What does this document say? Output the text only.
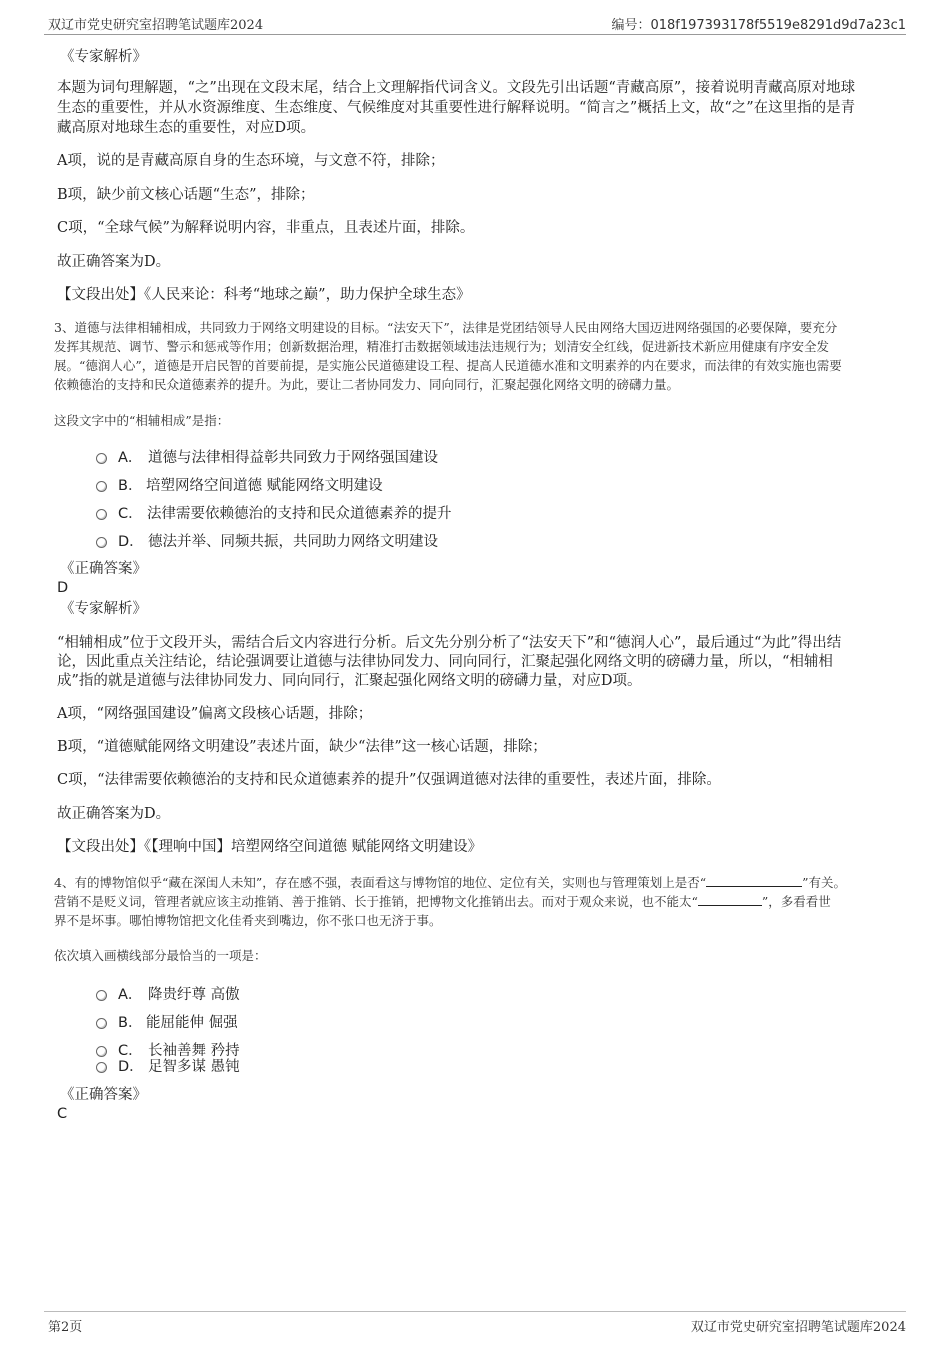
双辽市党史研究室招聘笔试题库2024	编号：018f197393178f5519e8291d9d7a23c1
《专家解析》
本题为词句理解题，“之”出现在文段末尾，结合上文理解指代词含义。文段先引出话题“青藏高原”，接着说明青藏高原对地球
生态的重要性，并从水资源维度、生态维度、气候维度对其重要性进行解释说明。“简言之”概括上文，故“之”在这里指的是青
藏高原对地球生态的重要性，对应D项。
A项，说的是青藏高原自身的生态环境，与文意不符，排除；
B项，缺少前文核心话题“生态”，排除；
C项，“全球气候”为解释说明内容，非重点，且表述片面，排除。
故正确答案为D。
【文段出处】《人民来论：科考“地球之巅”，助力保护全球生态》
3、道德与法律相辅相成，共同致力于网络文明建设的目标。“法安天下”，法律是党团结领导人民由网络大国迈进网络强国的必要保障，要充分
发挥其规范、调节、警示和惩戒等作用；创新数据治理，精准打击数据领域违法违规行为；划清安全红线，促进新技术新应用健康有序安全发
展。“德润人心”，道德是开启民智的首要前提，是实施公民道德建设工程、提高人民道德水准和文明素养的内在要求，而法律的有效实施也需要
依赖德治的支持和民众道德素养的提升。为此，要让二者协同发力、同向同行，汇聚起强化网络文明的磅礴力量。
这段文字中的“相辅相成”是指：
A． 道德与法律相得益彰共同致力于网络强国建设
B． 培塑网络空间道德 赋能网络文明建设
C． 法律需要依赖德治的支持和民众道德素养的提升
D． 德法并举、同频共振，共同助力网络文明建设
《正确答案》
D
《专家解析》
“相辅相成”位于文段开头，需结合后文内容进行分析。后文先分别分析了“法安天下”和“德润人心”，最后通过“为此”得出结
论，因此重点关注结论，结论强调要让道德与法律协同发力、同向同行，汇聚起强化网络文明的磅礴力量，所以，“相辅相
成”指的就是道德与法律协同发力、同向同行，汇聚起强化网络文明的磅礴力量，对应D项。
A项，“网络强国建设”偏离文段核心话题，排除；
B项，“道德赋能网络文明建设”表述片面，缺少“法律”这一核心话题，排除；
C项，“法律需要依赖德治的支持和民众道德素养的提升”仅强调道德对法律的重要性，表述片面，排除。
故正确答案为D。
【文段出处】《【理响中国】培塑网络空间道德 赋能网络文明建设》
4、有的博物馆似乎“藏在深闺人未知”，存在感不强，表面看这与博物馆的地位、定位有关，实则也与管理策划上是否“	”有关。
营销不是贬义词，管理者就应该主动推销、善于推销、长于推销，把博物文化推销出去。而对于观众来说，也不能太“	”，多看看世
界不是坏事。哪怕博物馆把文化佳肴夹到嘴边，你不张口也无济于事。
依次填入画横线部分最恰当的一项是：
A． 降贵纡尊 高傲
B． 能屈能伸 倔强
C． 长袖善舞 矜持
D． 足智多谋 愚钝
《正确答案》
C
第2页	双辽市党史研究室招聘笔试题库2024
